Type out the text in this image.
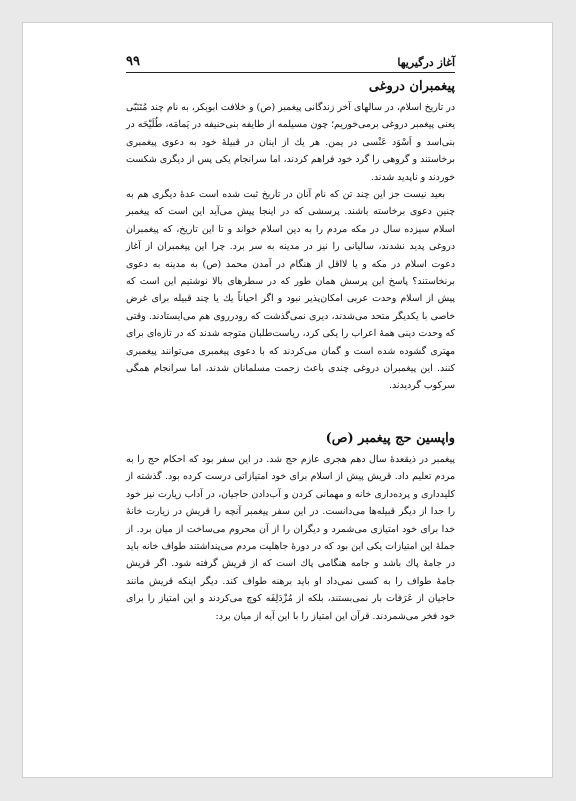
آغاز درگیریها
۹۹
پیغمبران دروغی

در تاریخ اسلام، در سالهای آخر زندگانی پیغمبر (ص) و خلافت ابوبکر، به نام چند مُتَنَبّی یعنی پیغمبر دروغی برمی‌خوریم؛ چون مسیلمه از طایفه بنی‌حنیفه در یَمامَه، طُلَیْحَه در بنی‌اسد و اَسْوَد عَنْسی در یمن. هر یك از اینان در قبیلهٔ خود به دعوی پیغمبری برخاستند و گروهی را گرد خود فراهم کردند، اما سرانجام یکی پس از دیگری شکست خوردند و ناپدید شدند.

بعید نیست جز این چند تن که نام آنان در تاریخ ثبت شده است عدهٔ دیگری هم به چنین دعوی برخاسته باشند. پرسشی که در اینجا پیش می‌آید این است که پیغمبر اسلام سیزده سال در مکه مردم را به دین اسلام خواند و تا این تاریخ، که پیغمبران دروغی پدید نشدند، سالیانی را نیز در مدینه به سر برد. چرا این پیغمبران از آغاز دعوت اسلام در مکه و یا لااقل از هنگام در آمدن محمد (ص) به مدینه به دعوی برنخاستند؟ پاسخ این پرسش همان طور که در سطرهای بالا نوشتیم این است که پیش از اسلام وحدت عربی امکان‌پذیر نبود و اگر احیاناً یك یا چند قبیله برای غرض خاصی با یکدیگر متحد می‌شدند، دیری نمی‌گذشت که رودرروی هم می‌ایستادند. وقتی که وحدت دینی همهٔ اعراب را یکی کرد، ریاست‌طلبان متوجه شدند که در تازه‌ای برای مهتری گشوده شده است و گمان می‌کردند که با دعوی پیغمبری می‌توانند پیغمبری کنند. این پیغمبران دروغی چندی باعث زحمت مسلمانان شدند، اما سرانجام همگی سرکوب گردیدند.

واپسین حج پیغمبر (ص)

پیغمبر در ذیقعدهٔ سال دهم هجری عازم حج شد. در این سفر بود که احکام حج را به مردم تعلیم داد. قریش پیش از اسلام برای خود امتیازاتی درست کرده بود. گذشته از کلیدداری و پرده‌داری خانه و مهمانی کردن و آب‌دادن حاجیان، در آداب زیارت نیز خود را جدا از دیگر قبیله‌ها می‌دانست. در این سفر پیغمبر آنچه را قریش در زیارت خانهٔ خدا برای خود امتیازی می‌شمرد و دیگران را از آن محروم می‌ساخت از میان برد. از جملهٔ این امتیازات یکی این بود که در دورهٔ جاهلیت مردم می‌پنداشتند طواف خانه باید در جامهٔ پاك باشد و جامه هنگامی پاك است که از قریش گرفته شود. اگر قریش جامهٔ طواف را به کسی نمی‌داد او باید برهنه طواف کند. دیگر اینکه قریش مانند حاجیان از عَرَفات بار نمی‌بستند، بلکه از مُزْدَلِفَه کوچ می‌کردند و این امتیاز را برای خود فخر می‌شمردند. قرآن این امتیاز را با این آیه از میان برد:
